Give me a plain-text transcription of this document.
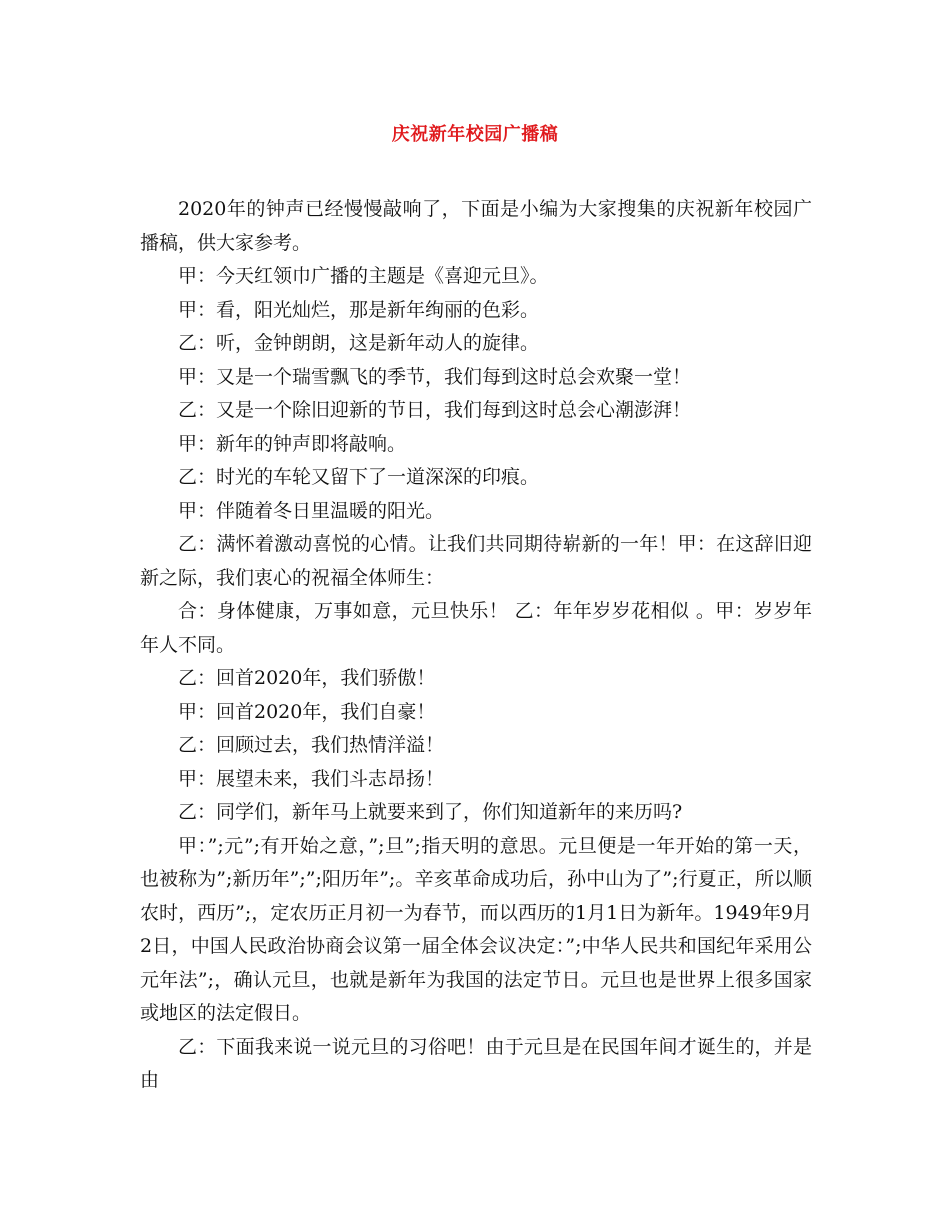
庆祝新年校园广播稿

2020年的钟声已经慢慢敲响了，下面是小编为大家搜集的庆祝新年校园广播稿，供大家参考。

甲：今天红领巾广播的主题是《喜迎元旦》。

甲：看，阳光灿烂，那是新年绚丽的色彩。

乙：听，金钟朗朗，这是新年动人的旋律。

甲：又是一个瑞雪飘飞的季节，我们每到这时总会欢聚一堂！

乙：又是一个除旧迎新的节日，我们每到这时总会心潮澎湃！

甲：新年的钟声即将敲响。

乙：时光的车轮又留下了一道深深的印痕。

甲：伴随着冬日里温暖的阳光。

乙：满怀着激动喜悦的心情。让我们共同期待崭新的一年！甲：在这辞旧迎新之际，我们衷心的祝福全体师生：

合：身体健康，万事如意，元旦快乐！ 乙：年年岁岁花相似 。甲：岁岁年年人不同。

乙：回首2020年，我们骄傲！

甲：回首2020年，我们自豪！

乙：回顾过去，我们热情洋溢！

甲：展望未来，我们斗志昂扬！

乙：同学们，新年马上就要来到了，你们知道新年的来历吗?

甲：”;元”;有开始之意，”;旦”;指天明的意思。元旦便是一年开始的第一天，也被称为”;新历年”;”;阳历年”;。辛亥革命成功后，孙中山为了”;行夏正，所以顺农时，西历”;，定农历正月初一为春节，而以西历的1月1日为新年。1949年9月2日，中国人民政治协商会议第一届全体会议决定：”;中华人民共和国纪年采用公元年法”;，确认元旦，也就是新年为我国的法定节日。元旦也是世界上很多国家或地区的法定假日。

乙：下面我来说一说元旦的习俗吧！由于元旦是在民国年间才诞生的，并是由
